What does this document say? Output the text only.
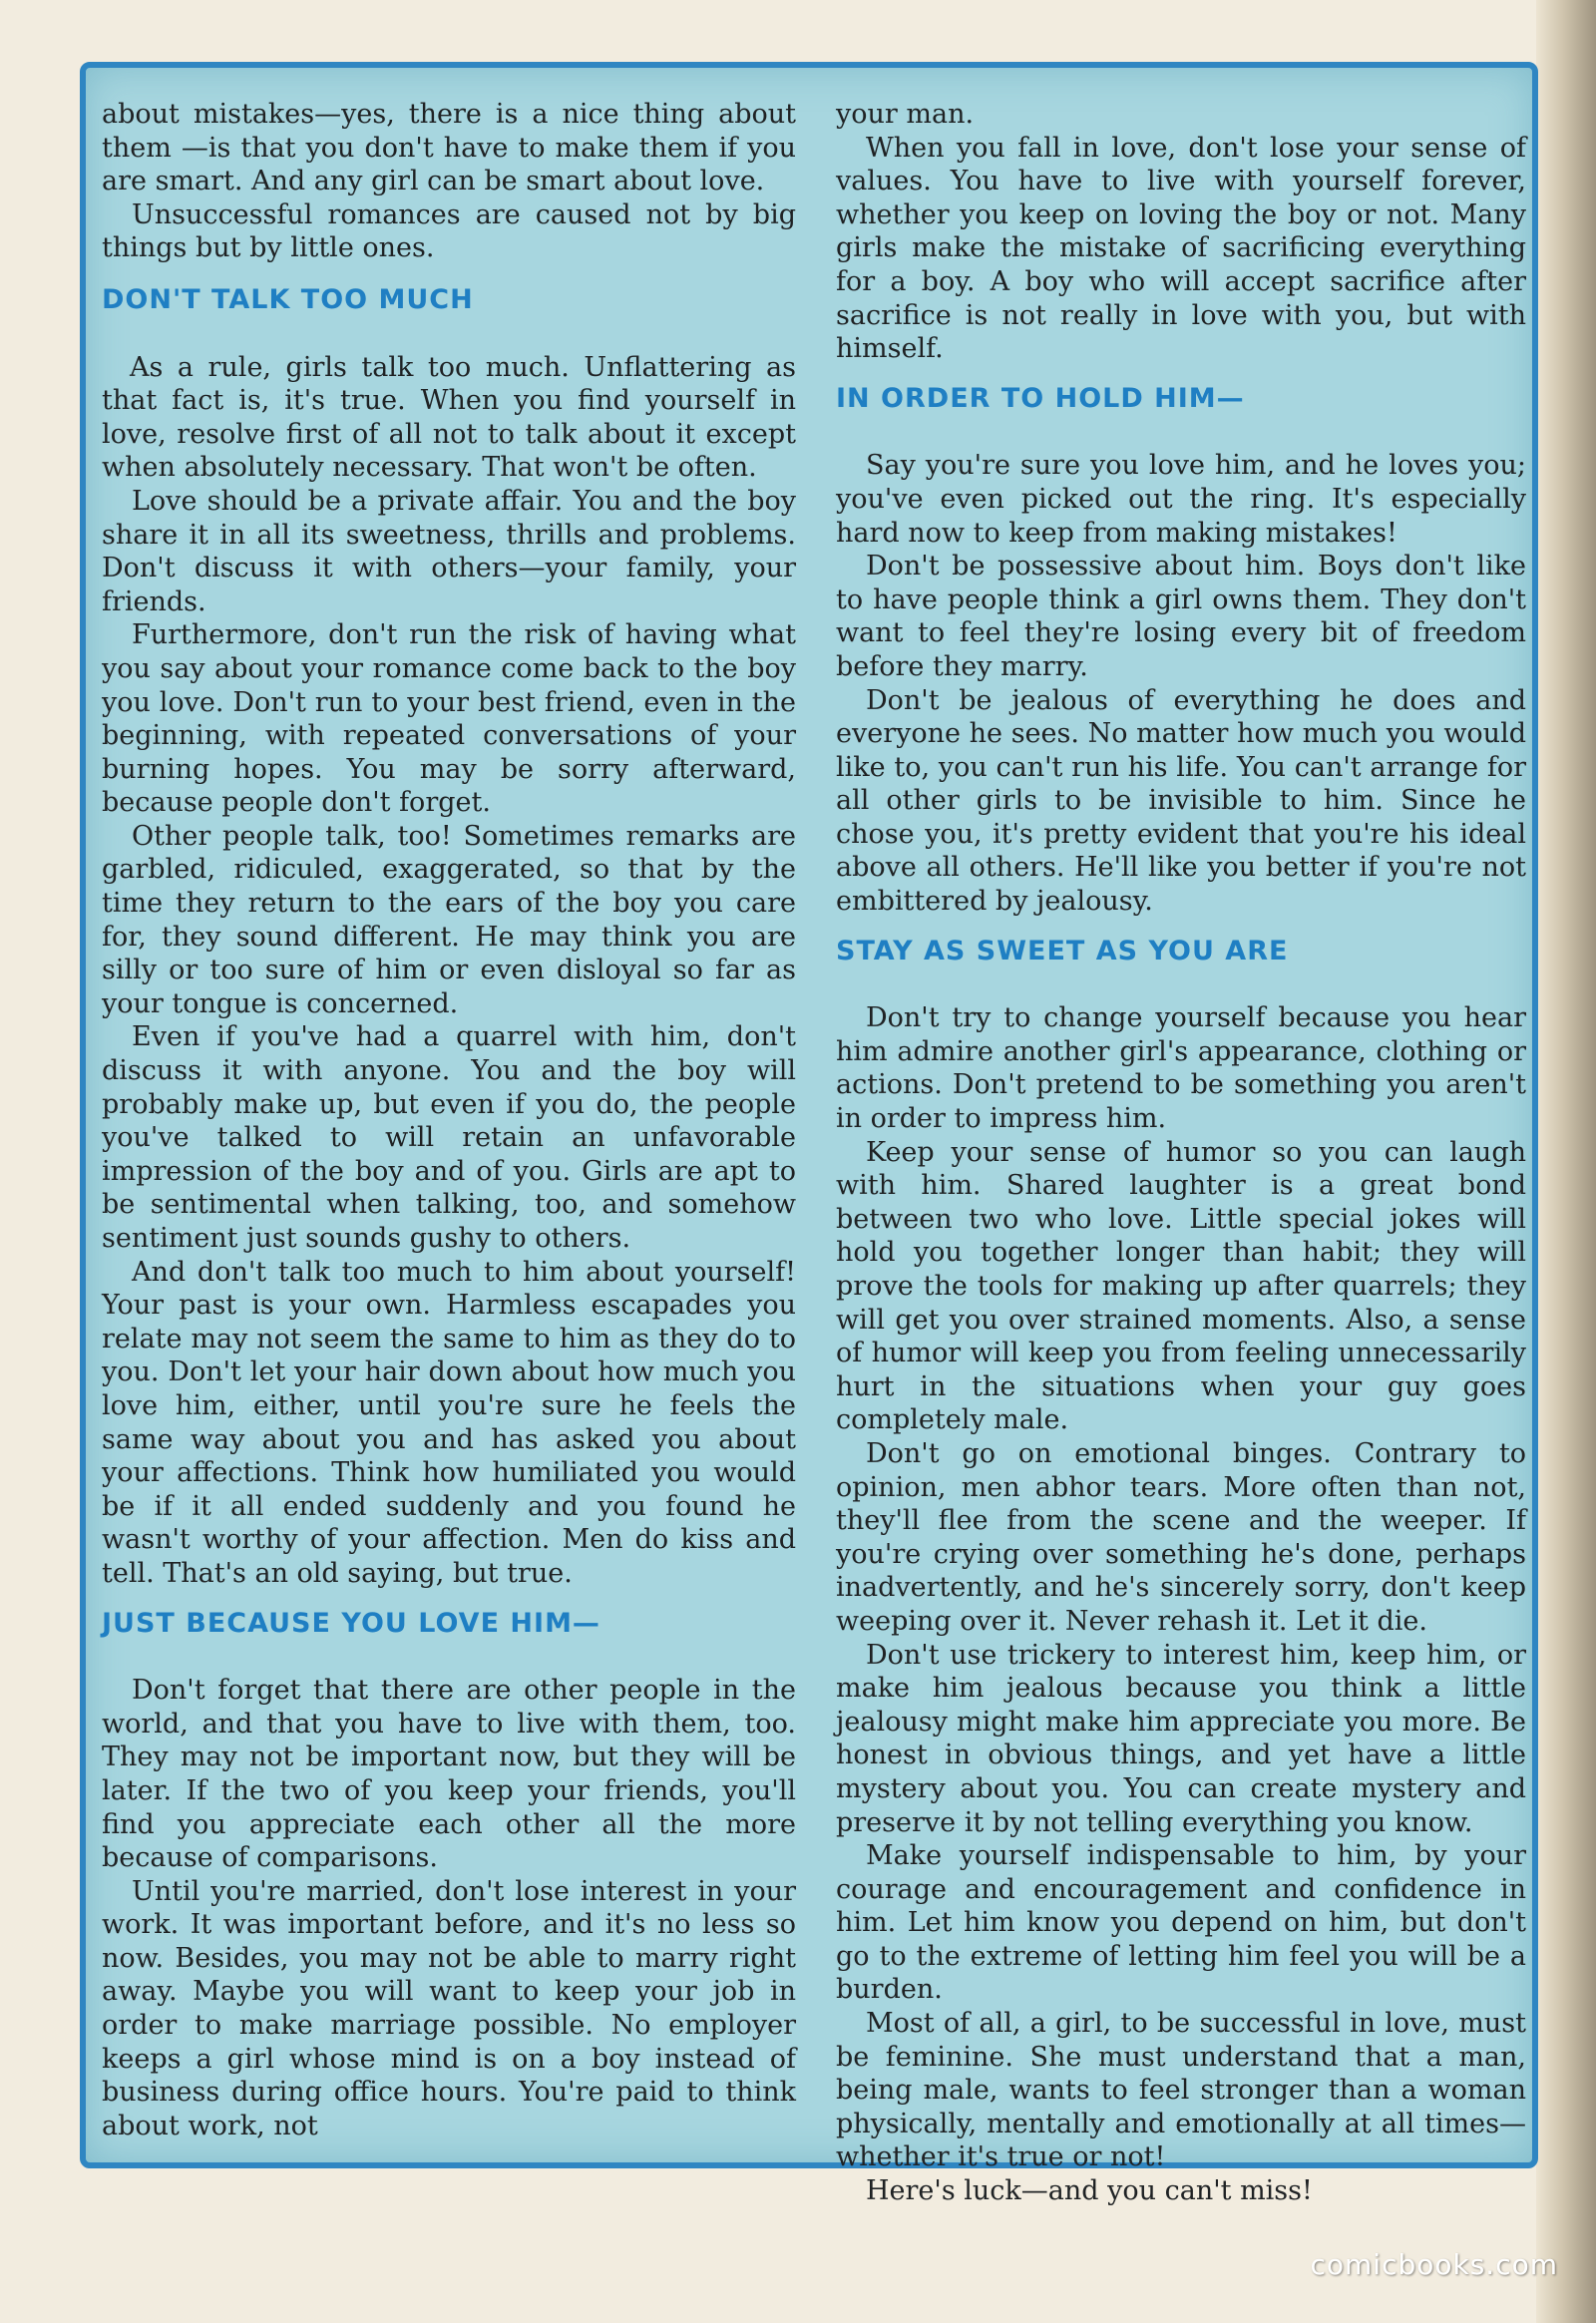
about mistakes—yes, there is a nice thing about them —is that you don't have to make them if you are smart. And any girl can be smart about love.

Unsuccessful romances are caused not by big things but by little ones.

DON'T TALK TOO MUCH

As a rule, girls talk too much. Unflattering as that fact is, it's true. When you find yourself in love, resolve first of all not to talk about it except when absolutely necessary. That won't be often.

Love should be a private affair. You and the boy share it in all its sweetness, thrills and problems. Don't discuss it with others—your family, your friends.

Furthermore, don't run the risk of having what you say about your romance come back to the boy you love. Don't run to your best friend, even in the beginning, with repeated conversations of your burning hopes. You may be sorry afterward, because people don't forget.

Other people talk, too! Sometimes remarks are garbled, ridiculed, exaggerated, so that by the time they return to the ears of the boy you care for, they sound different. He may think you are silly or too sure of him or even disloyal so far as your tongue is concerned.

Even if you've had a quarrel with him, don't discuss it with anyone. You and the boy will probably make up, but even if you do, the people you've talked to will retain an unfavorable impression of the boy and of you. Girls are apt to be sentimental when talking, too, and somehow sentiment just sounds gushy to others.

And don't talk too much to him about yourself! Your past is your own. Harmless escapades you relate may not seem the same to him as they do to you. Don't let your hair down about how much you love him, either, until you're sure he feels the same way about you and has asked you about your affections. Think how humiliated you would be if it all ended suddenly and you found he wasn't worthy of your affection. Men do kiss and tell. That's an old saying, but true.

JUST BECAUSE YOU LOVE HIM—

Don't forget that there are other people in the world, and that you have to live with them, too. They may not be important now, but they will be later. If the two of you keep your friends, you'll find you appreciate each other all the more because of comparisons.

Until you're married, don't lose interest in your work. It was important before, and it's no less so now. Besides, you may not be able to marry right away. Maybe you will want to keep your job in order to make marriage possible. No employer keeps a girl whose mind is on a boy instead of business during office hours. You're paid to think about work, not

your man.

When you fall in love, don't lose your sense of values. You have to live with yourself forever, whether you keep on loving the boy or not. Many girls make the mistake of sacrificing everything for a boy. A boy who will accept sacrifice after sacrifice is not really in love with you, but with himself.

IN ORDER TO HOLD HIM—

Say you're sure you love him, and he loves you; you've even picked out the ring. It's especially hard now to keep from making mistakes!

Don't be possessive about him. Boys don't like to have people think a girl owns them. They don't want to feel they're losing every bit of freedom before they marry.

Don't be jealous of everything he does and everyone he sees. No matter how much you would like to, you can't run his life. You can't arrange for all other girls to be invisible to him. Since he chose you, it's pretty evident that you're his ideal above all others. He'll like you better if you're not embittered by jealousy.

STAY AS SWEET AS YOU ARE

Don't try to change yourself because you hear him admire another girl's appearance, clothing or actions. Don't pretend to be something you aren't in order to impress him.

Keep your sense of humor so you can laugh with him. Shared laughter is a great bond between two who love. Little special jokes will hold you together longer than habit; they will prove the tools for making up after quarrels; they will get you over strained moments. Also, a sense of humor will keep you from feeling unnecessarily hurt in the situations when your guy goes completely male.

Don't go on emotional binges. Contrary to opinion, men abhor tears. More often than not, they'll flee from the scene and the weeper. If you're crying over something he's done, perhaps inadvertently, and he's sincerely sorry, don't keep weeping over it. Never rehash it. Let it die.

Don't use trickery to interest him, keep him, or make him jealous because you think a little jealousy might make him appreciate you more. Be honest in obvious things, and yet have a little mystery about you. You can create mystery and preserve it by not telling everything you know.

Make yourself indispensable to him, by your courage and encouragement and confidence in him. Let him know you depend on him, but don't go to the extreme of letting him feel you will be a burden.

Most of all, a girl, to be successful in love, must be feminine. She must understand that a man, being male, wants to feel stronger than a woman physically, mentally and emotionally at all times—whether it's true or not!

Here's luck—and you can't miss!

comicbooks.com
